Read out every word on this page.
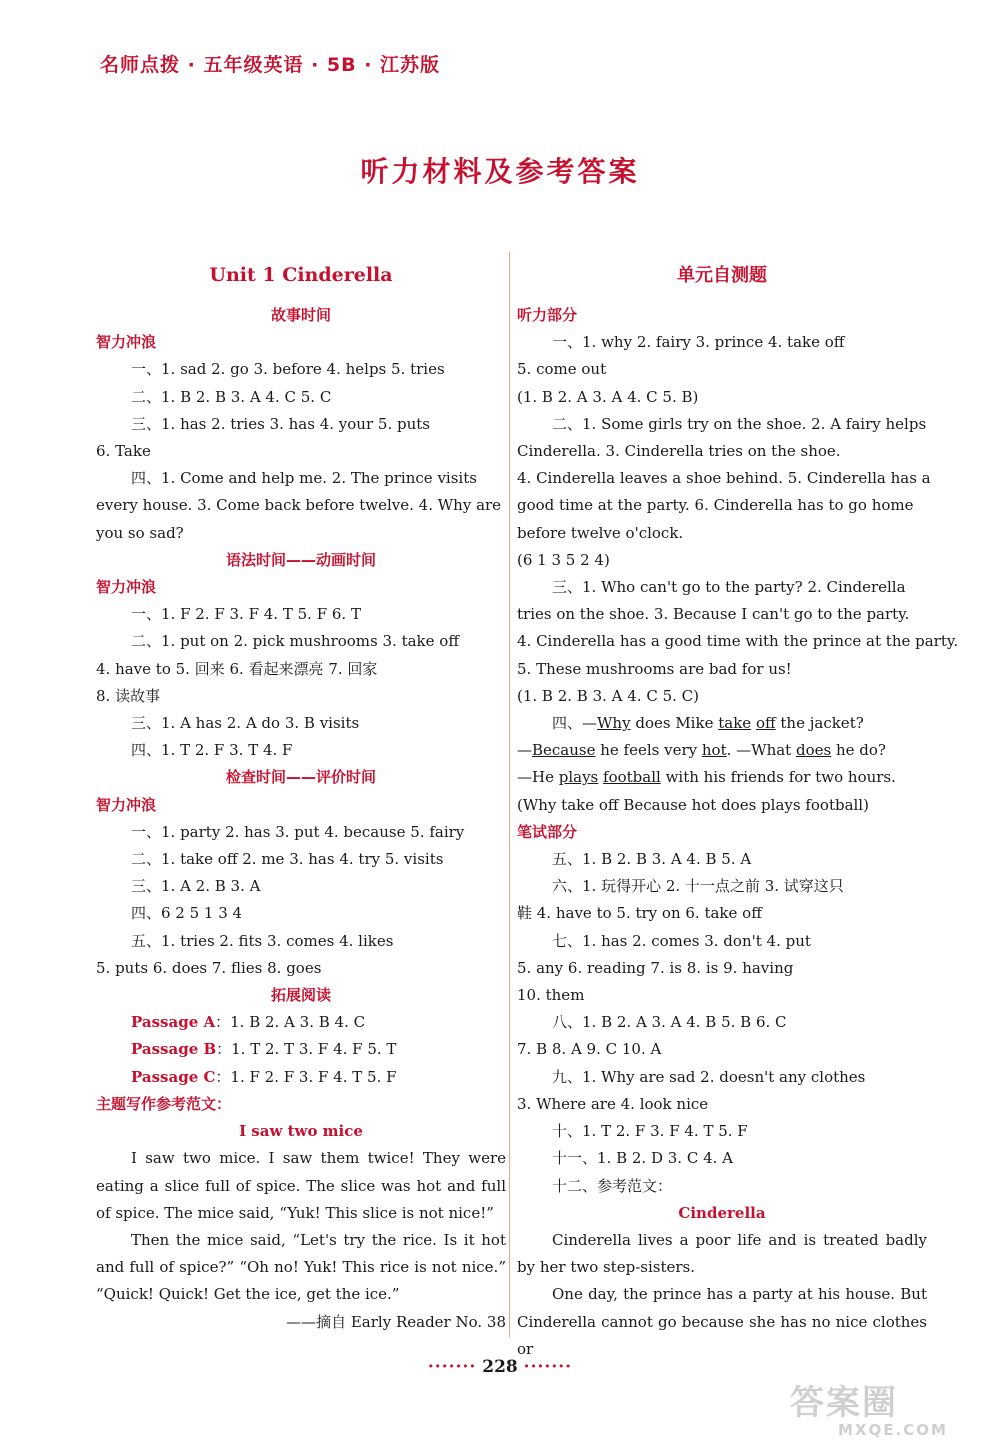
名师点拨 · 五年级英语 · 5B · 江苏版
听力材料及参考答案
Unit 1 Cinderella
故事时间
智力冲浪
一、1. sad 2. go 3. before 4. helps 5. tries
二、1. B 2. B 3. A 4. C 5. C
三、1. has 2. tries 3. has 4. your 5. puts
6. Take
四、1. Come and help me. 2. The prince visits
every house. 3. Come back before twelve. 4. Why are
you so sad?
语法时间——动画时间
智力冲浪
一、1. F 2. F 3. F 4. T 5. F 6. T
二、1. put on 2. pick mushrooms 3. take off
4. have to 5. 回来 6. 看起来漂亮 7. 回家
8. 读故事
三、1. A has 2. A do 3. B visits
四、1. T 2. F 3. T 4. F
检查时间——评价时间
智力冲浪
一、1. party 2. has 3. put 4. because 5. fairy
二、1. take off 2. me 3. has 4. try 5. visits
三、1. A 2. B 3. A
四、6 2 5 1 3 4
五、1. tries 2. fits 3. comes 4. likes
5. puts 6. does 7. flies 8. goes
拓展阅读
Passage A：1. B 2. A 3. B 4. C
Passage B：1. T 2. T 3. F 4. F 5. T
Passage C：1. F 2. F 3. F 4. T 5. F
主题写作参考范文：
I saw two mice
I saw two mice. I saw them twice! They were eating a slice full of spice. The slice was hot and full of spice. The mice said, “Yuk! This slice is not nice!”
Then the mice said, “Let's try the rice. Is it hot and full of spice?” “Oh no! Yuk! This rice is not nice.” “Quick! Quick! Get the ice, get the ice.”
——摘自 Early Reader No. 38
单元自测题
听力部分
一、1. why 2. fairy 3. prince 4. take off
5. come out
(1. B 2. A 3. A 4. C 5. B)
二、1. Some girls try on the shoe. 2. A fairy helps
Cinderella. 3. Cinderella tries on the shoe.
4. Cinderella leaves a shoe behind. 5. Cinderella has a
good time at the party. 6. Cinderella has to go home
before twelve o'clock.
(6 1 3 5 2 4)
三、1. Who can't go to the party? 2. Cinderella
tries on the shoe. 3. Because I can't go to the party.
4. Cinderella has a good time with the prince at the party.
5. These mushrooms are bad for us!
(1. B 2. B 3. A 4. C 5. C)
四、—Why does Mike take off the jacket?
—Because he feels very hot. —What does he do?
—He plays football with his friends for two hours.
(Why take off Because hot does plays football)
笔试部分
五、1. B 2. B 3. A 4. B 5. A
六、1. 玩得开心 2. 十一点之前 3. 试穿这只
鞋 4. have to 5. try on 6. take off
七、1. has 2. comes 3. don't 4. put
5. any 6. reading 7. is 8. is 9. having
10. them
八、1. B 2. A 3. A 4. B 5. B 6. C
7. B 8. A 9. C 10. A
九、1. Why are sad 2. doesn't any clothes
3. Where are 4. look nice
十、1. T 2. F 3. F 4. T 5. F
十一、1. B 2. D 3. C 4. A
十二、参考范文：
Cinderella
Cinderella lives a poor life and is treated badly by her two step-sisters.
One day, the prince has a party at his house. But Cinderella cannot go because she has no nice clothes or
······· 228 ·······
答案圈
MXQE.COM
